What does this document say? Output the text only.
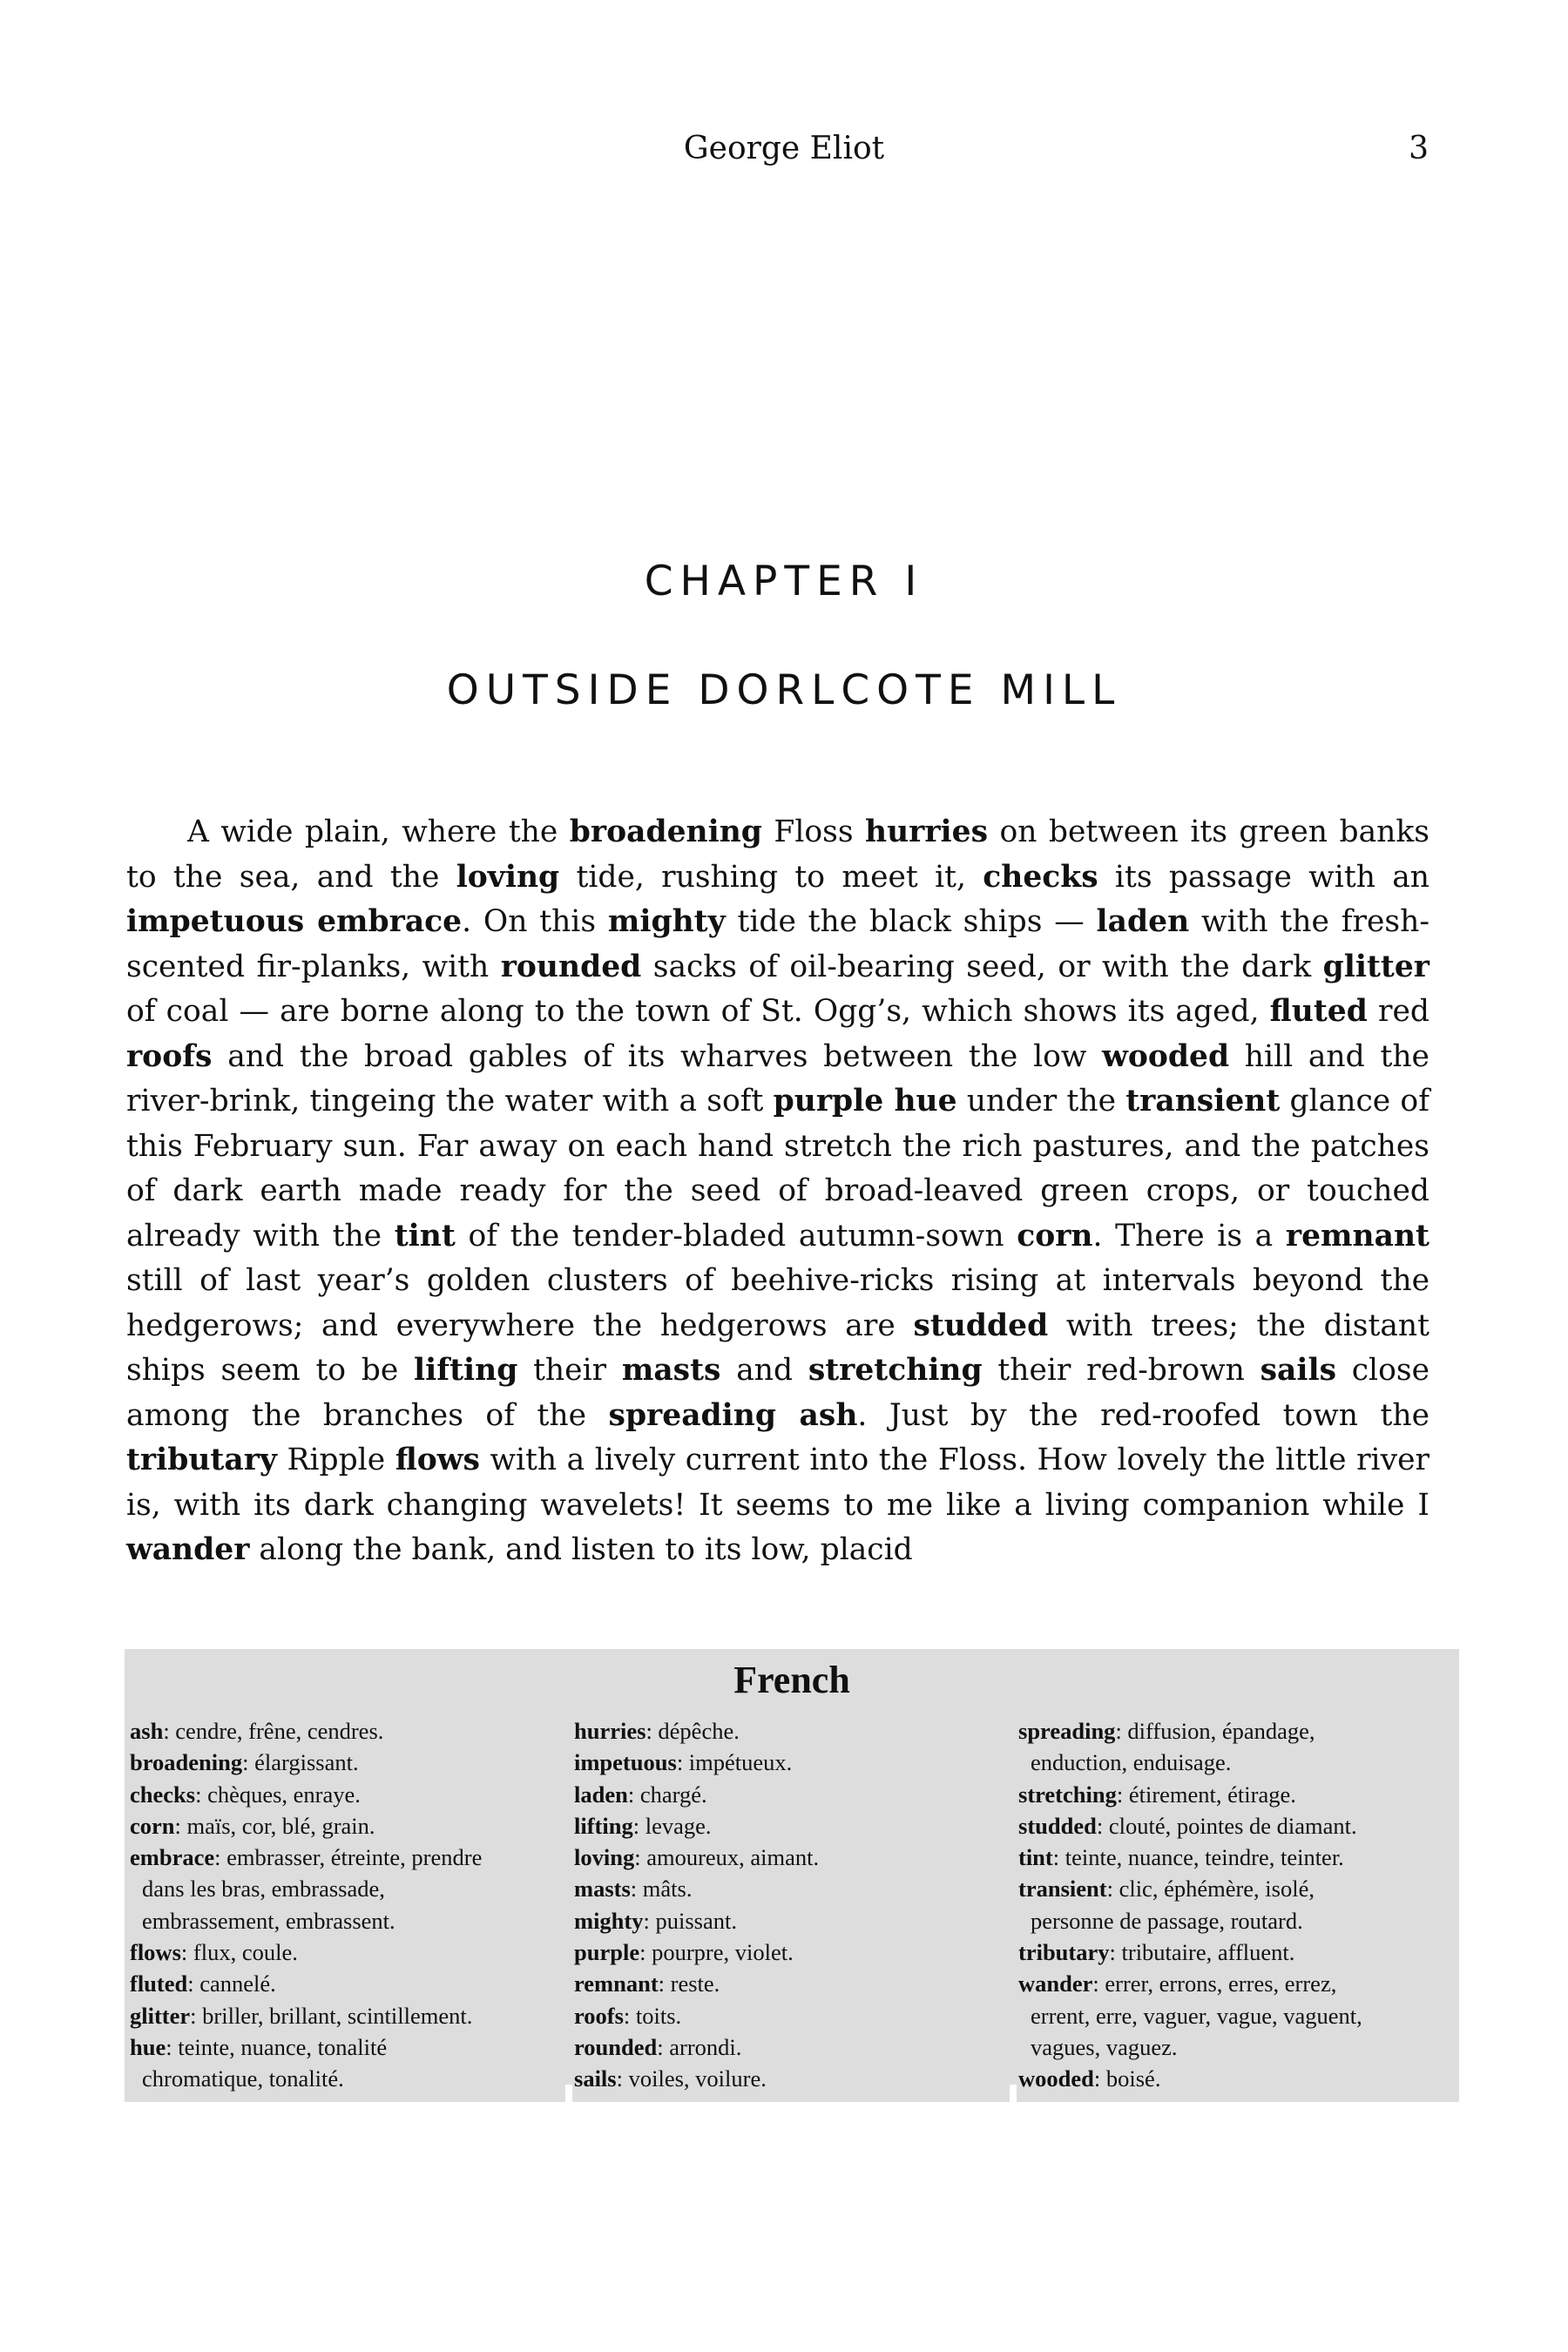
George Eliot	3
CHAPTER I
OUTSIDE DORLCOTE MILL

A wide plain, where the broadening Floss hurries on between its green banks to the sea, and the loving tide, rushing to meet it, checks its passage with an impetuous embrace. On this mighty tide the black ships — laden with the fresh-scented fir-planks, with rounded sacks of oil-bearing seed, or with the dark glitter of coal — are borne along to the town of St. Ogg’s, which shows its aged, fluted red roofs and the broad gables of its wharves between the low wooded hill and the river-brink, tingeing the water with a soft purple hue under the transient glance of this February sun. Far away on each hand stretch the rich pastures, and the patches of dark earth made ready for the seed of broad-leaved green crops, or touched already with the tint of the tender-bladed autumn-sown corn. There is a remnant still of last year’s golden clusters of beehive-ricks rising at intervals beyond the hedgerows; and everywhere the hedgerows are studded with trees; the distant ships seem to be lifting their masts and stretching their red-brown sails close among the branches of the spreading ash. Just by the red-roofed town the tributary Ripple flows with a lively current into the Floss. How lovely the little river is, with its dark changing wavelets! It seems to me like a living companion while I wander along the bank, and listen to its low, placid

French
ash: cendre, frêne, cendres.
broadening: élargissant.
checks: chèques, enraye.
corn: maïs, cor, blé, grain.
embrace: embrasser, étreinte, prendre
dans les bras, embrassade,
embrassement, embrassent.
flows: flux, coule.
fluted: cannelé.
glitter: briller, brillant, scintillement.
hue: teinte, nuance, tonalité
chromatique, tonalité.
hurries: dépêche.
impetuous: impétueux.
laden: chargé.
lifting: levage.
loving: amoureux, aimant.
masts: mâts.
mighty: puissant.
purple: pourpre, violet.
remnant: reste.
roofs: toits.
rounded: arrondi.
sails: voiles, voilure.
spreading: diffusion, épandage,
enduction, enduisage.
stretching: étirement, étirage.
studded: clouté, pointes de diamant.
tint: teinte, nuance, teindre, teinter.
transient: clic, éphémère, isolé,
personne de passage, routard.
tributary: tributaire, affluent.
wander: errer, errons, erres, errez,
errent, erre, vaguer, vague, vaguent,
vagues, vaguez.
wooded: boisé.
